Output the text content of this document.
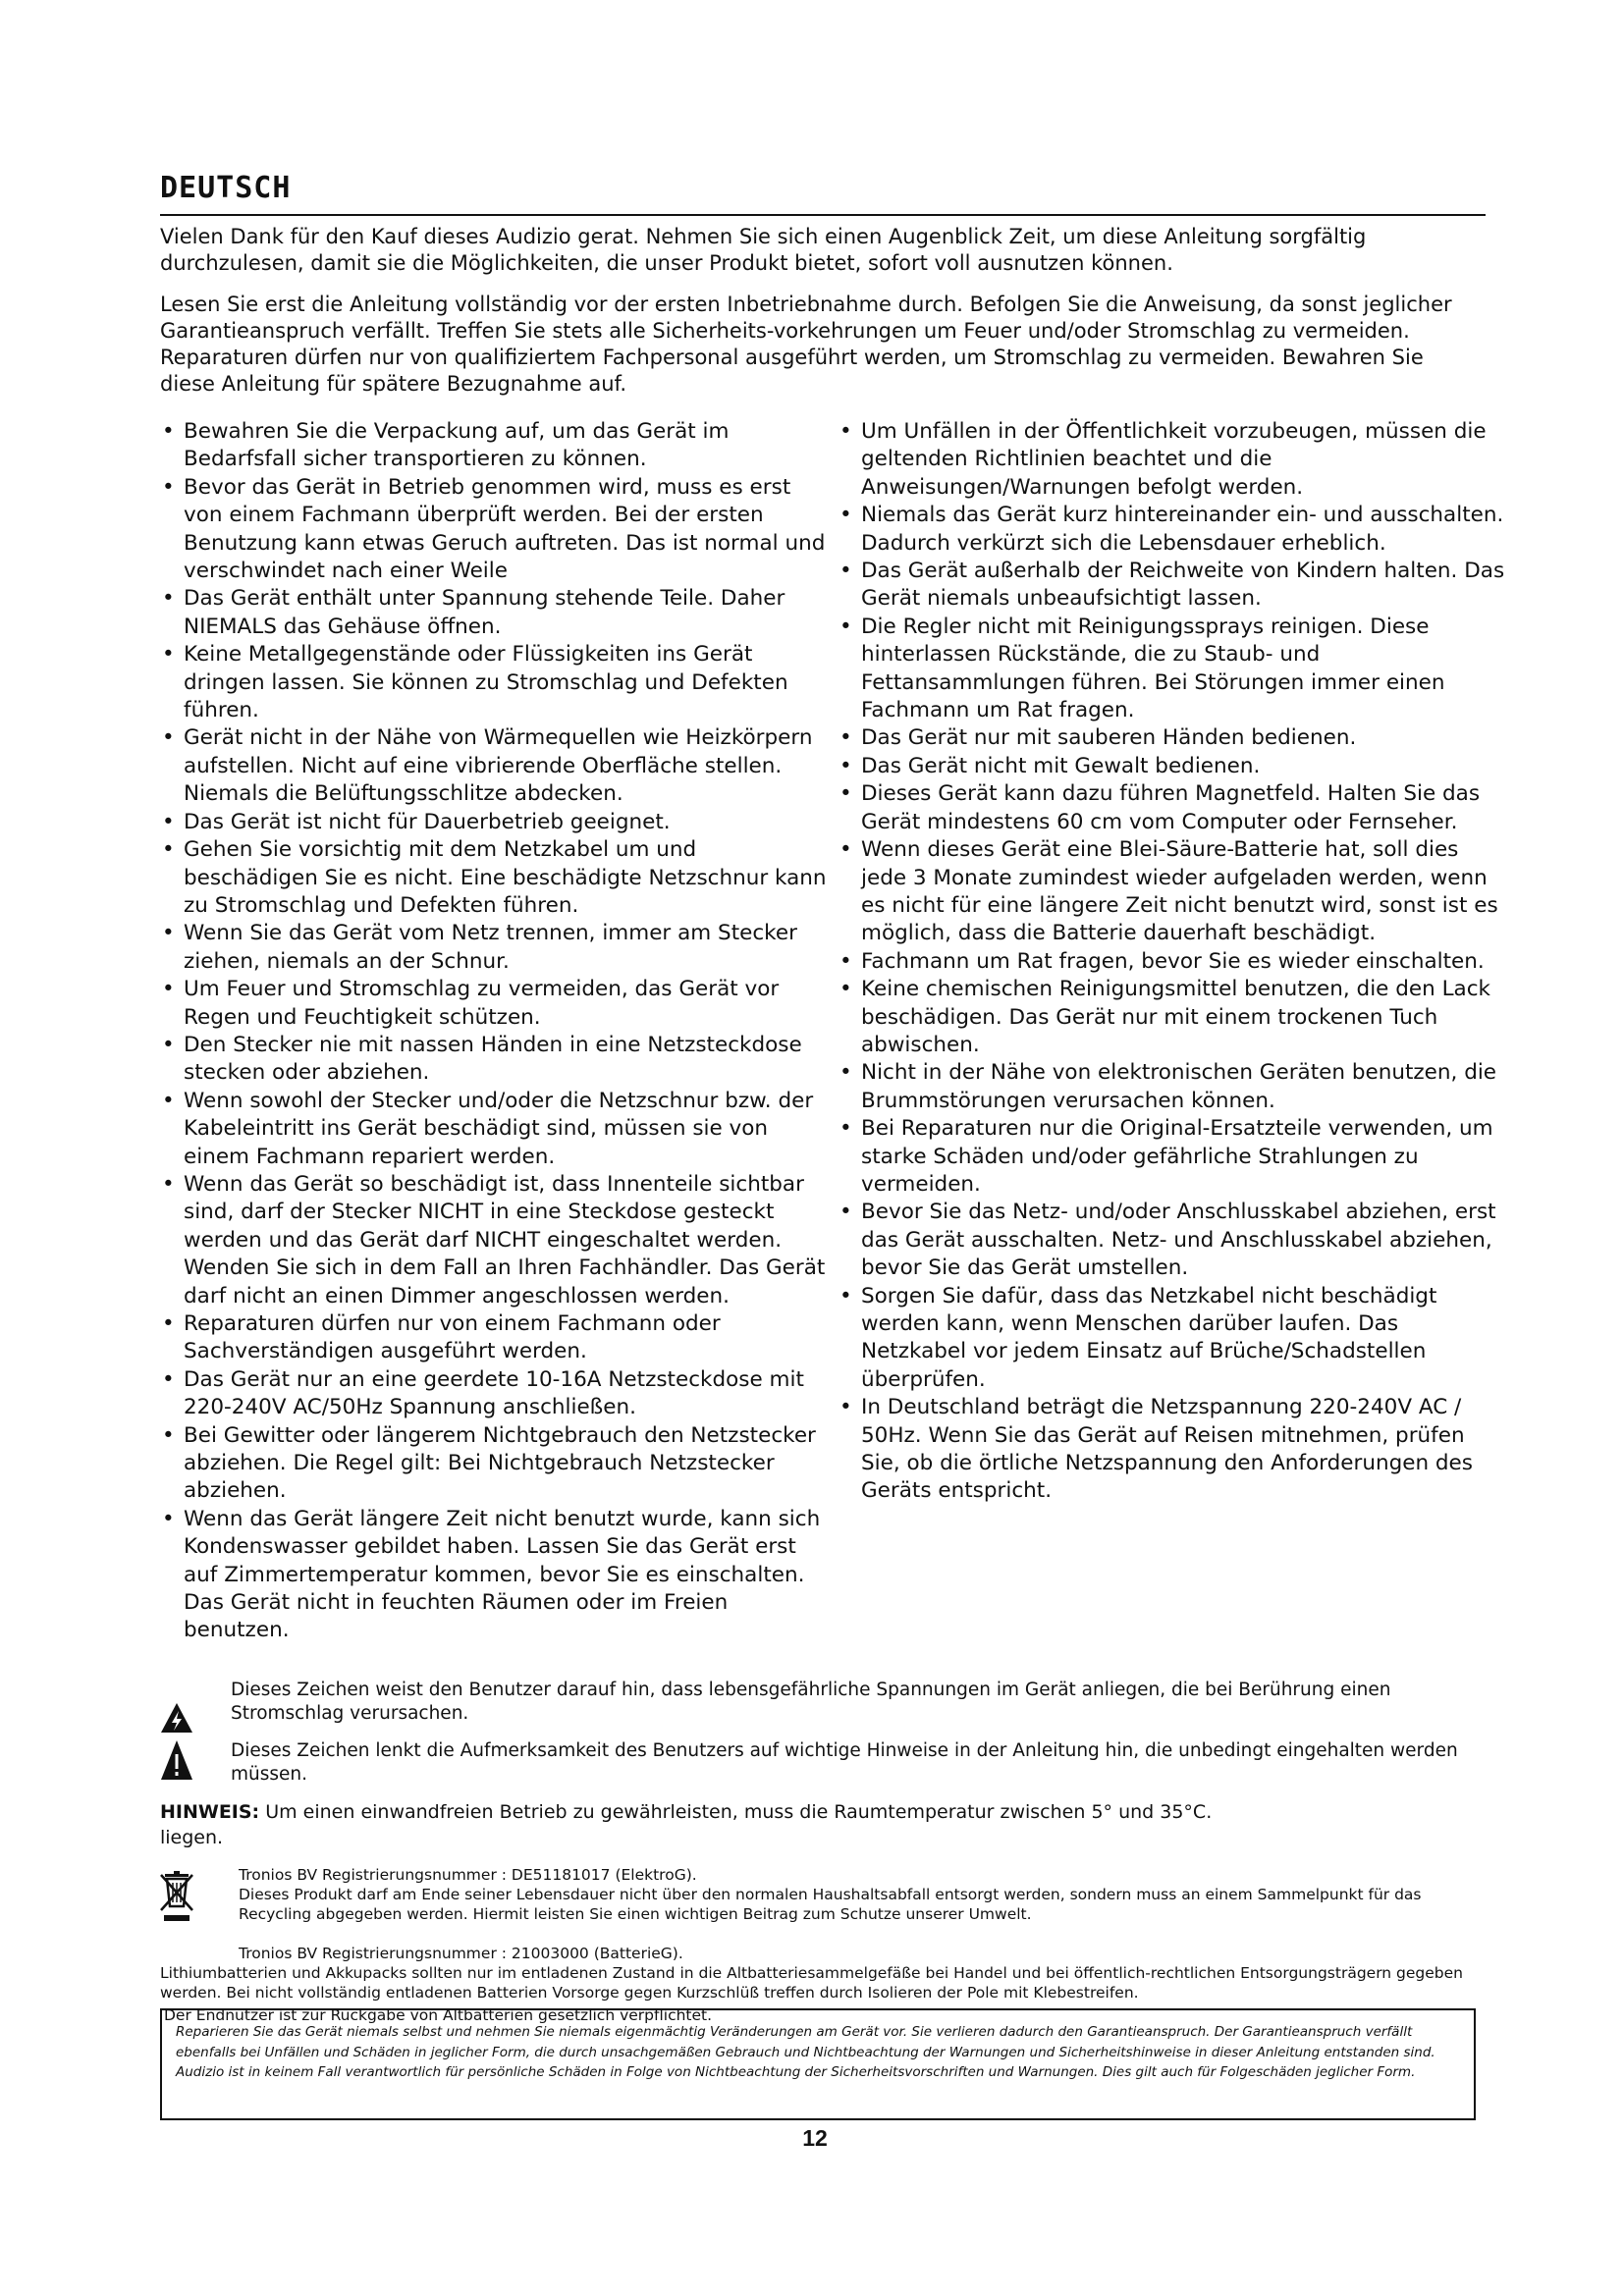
DEUTSCH

Vielen Dank für den Kauf dieses Audizio gerat. Nehmen Sie sich einen Augenblick Zeit, um diese Anleitung sorgfältig durchzulesen, damit sie die Möglichkeiten, die unser Produkt bietet, sofort voll ausnutzen können.

Lesen Sie erst die Anleitung vollständig vor der ersten Inbetriebnahme durch. Befolgen Sie die Anweisung, da sonst jeglicher Garantieanspruch verfällt. Treffen Sie stets alle Sicherheits-vorkehrungen um Feuer und/oder Stromschlag zu vermeiden. Reparaturen dürfen nur von qualifiziertem Fachpersonal ausgeführt werden, um Stromschlag zu vermeiden. Bewahren Sie diese Anleitung für spätere Bezugnahme auf.

• Bewahren Sie die Verpackung auf, um das Gerät im Bedarfsfall sicher transportieren zu können.
• Bevor das Gerät in Betrieb genommen wird, muss es erst von einem Fachmann überprüft werden. Bei der ersten Benutzung kann etwas Geruch auftreten. Das ist normal und verschwindet nach einer Weile
• Das Gerät enthält unter Spannung stehende Teile. Daher NIEMALS das Gehäuse öffnen.
• Keine Metallgegenstände oder Flüssigkeiten ins Gerät dringen lassen. Sie können zu Stromschlag und Defekten führen.
• Gerät nicht in der Nähe von Wärmequellen wie Heizkörpern aufstellen. Nicht auf eine vibrierende Oberfläche stellen. Niemals die Belüftungsschlitze abdecken.
• Das Gerät ist nicht für Dauerbetrieb geeignet.
• Gehen Sie vorsichtig mit dem Netzkabel um und beschädigen Sie es nicht. Eine beschädigte Netzschnur kann zu Stromschlag und Defekten führen.
• Wenn Sie das Gerät vom Netz trennen, immer am Stecker ziehen, niemals an der Schnur.
• Um Feuer und Stromschlag zu vermeiden, das Gerät vor Regen und Feuchtigkeit schützen.
• Den Stecker nie mit nassen Händen in eine Netzsteckdose stecken oder abziehen.
• Wenn sowohl der Stecker und/oder die Netzschnur bzw. der Kabeleintritt ins Gerät beschädigt sind, müssen sie von einem Fachmann repariert werden.
• Wenn das Gerät so beschädigt ist, dass Innenteile sichtbar sind, darf der Stecker NICHT in eine Steckdose gesteckt werden und das Gerät darf NICHT eingeschaltet werden. Wenden Sie sich in dem Fall an Ihren Fachhändler. Das Gerät darf nicht an einen Dimmer angeschlossen werden.
• Reparaturen dürfen nur von einem Fachmann oder Sachverständigen ausgeführt werden.
• Das Gerät nur an eine geerdete 10-16A Netzsteckdose mit 220-240V AC/50Hz Spannung anschließen.
• Bei Gewitter oder längerem Nichtgebrauch den Netzstecker abziehen. Die Regel gilt: Bei Nichtgebrauch Netzstecker abziehen.
• Wenn das Gerät längere Zeit nicht benutzt wurde, kann sich Kondenswasser gebildet haben. Lassen Sie das Gerät erst auf Zimmertemperatur kommen, bevor Sie es einschalten. Das Gerät nicht in feuchten Räumen oder im Freien benutzen.
• Um Unfällen in der Öffentlichkeit vorzubeugen, müssen die geltenden Richtlinien beachtet und die Anweisungen/Warnungen befolgt werden.
• Niemals das Gerät kurz hintereinander ein- und ausschalten. Dadurch verkürzt sich die Lebensdauer erheblich.
• Das Gerät außerhalb der Reichweite von Kindern halten. Das Gerät niemals unbeaufsichtigt lassen.
• Die Regler nicht mit Reinigungssprays reinigen. Diese hinterlassen Rückstände, die zu Staub- und Fettansammlungen führen. Bei Störungen immer einen Fachmann um Rat fragen.
• Das Gerät nur mit sauberen Händen bedienen.
• Das Gerät nicht mit Gewalt bedienen.
• Dieses Gerät kann dazu führen Magnetfeld. Halten Sie das Gerät mindestens 60 cm vom Computer oder Fernseher.
• Wenn dieses Gerät eine Blei-Säure-Batterie hat, soll dies jede 3 Monate zumindest wieder aufgeladen werden, wenn es nicht für eine längere Zeit nicht benutzt wird, sonst ist es möglich, dass die Batterie dauerhaft beschädigt.
• Fachmann um Rat fragen, bevor Sie es wieder einschalten.
• Keine chemischen Reinigungsmittel benutzen, die den Lack beschädigen. Das Gerät nur mit einem trockenen Tuch abwischen.
• Nicht in der Nähe von elektronischen Geräten benutzen, die Brummstörungen verursachen können.
• Bei Reparaturen nur die Original-Ersatzteile verwenden, um starke Schäden und/oder gefährliche Strahlungen zu vermeiden.
• Bevor Sie das Netz- und/oder Anschlusskabel abziehen, erst das Gerät ausschalten. Netz- und Anschlusskabel abziehen, bevor Sie das Gerät umstellen.
• Sorgen Sie dafür, dass das Netzkabel nicht beschädigt werden kann, wenn Menschen darüber laufen. Das Netzkabel vor jedem Einsatz auf Brüche/Schadstellen überprüfen.
• In Deutschland beträgt die Netzspannung 220-240V AC / 50Hz. Wenn Sie das Gerät auf Reisen mitnehmen, prüfen Sie, ob die örtliche Netzspannung den Anforderungen des Geräts entspricht.

Dieses Zeichen weist den Benutzer darauf hin, dass lebensgefährliche Spannungen im Gerät anliegen, die bei Berührung einen Stromschlag verursachen.

Dieses Zeichen lenkt die Aufmerksamkeit des Benutzers auf wichtige Hinweise in der Anleitung hin, die unbedingt eingehalten werden müssen.

HINWEIS: Um einen einwandfreien Betrieb zu gewährleisten, muss die Raumtemperatur zwischen 5° und 35°C.
liegen.

Tronios BV Registrierungsnummer : DE51181017 (ElektroG).
Dieses Produkt darf am Ende seiner Lebensdauer nicht über den normalen Haushaltsabfall entsorgt werden, sondern muss an einem Sammelpunkt für das Recycling abgegeben werden. Hiermit leisten Sie einen wichtigen Beitrag zum Schutze unserer Umwelt.

Tronios BV Registrierungsnummer : 21003000 (BatterieG).
Lithiumbatterien und Akkupacks sollten nur im entladenen Zustand in die Altbatteriesammelgefäße bei Handel und bei öffentlich-rechtlichen Entsorgungsträgern gegeben werden. Bei nicht vollständig entladenen Batterien Vorsorge gegen Kurzschlüß treffen durch Isolieren der Pole mit Klebestreifen.

Der Endnutzer ist zur Rückgabe von Altbatterien gesetzlich verpflichtet.

Reparieren Sie das Gerät niemals selbst und nehmen Sie niemals eigenmächtig Veränderungen am Gerät vor. Sie verlieren dadurch den Garantieanspruch. Der Garantieanspruch verfällt ebenfalls bei Unfällen und Schäden in jeglicher Form, die durch unsachgemäßen Gebrauch und Nichtbeachtung der Warnungen und Sicherheitshinweise in dieser Anleitung entstanden sind. Audizio ist in keinem Fall verantwortlich für persönliche Schäden in Folge von Nichtbeachtung der Sicherheitsvorschriften und Warnungen. Dies gilt auch für Folgeschäden jeglicher Form.

12
